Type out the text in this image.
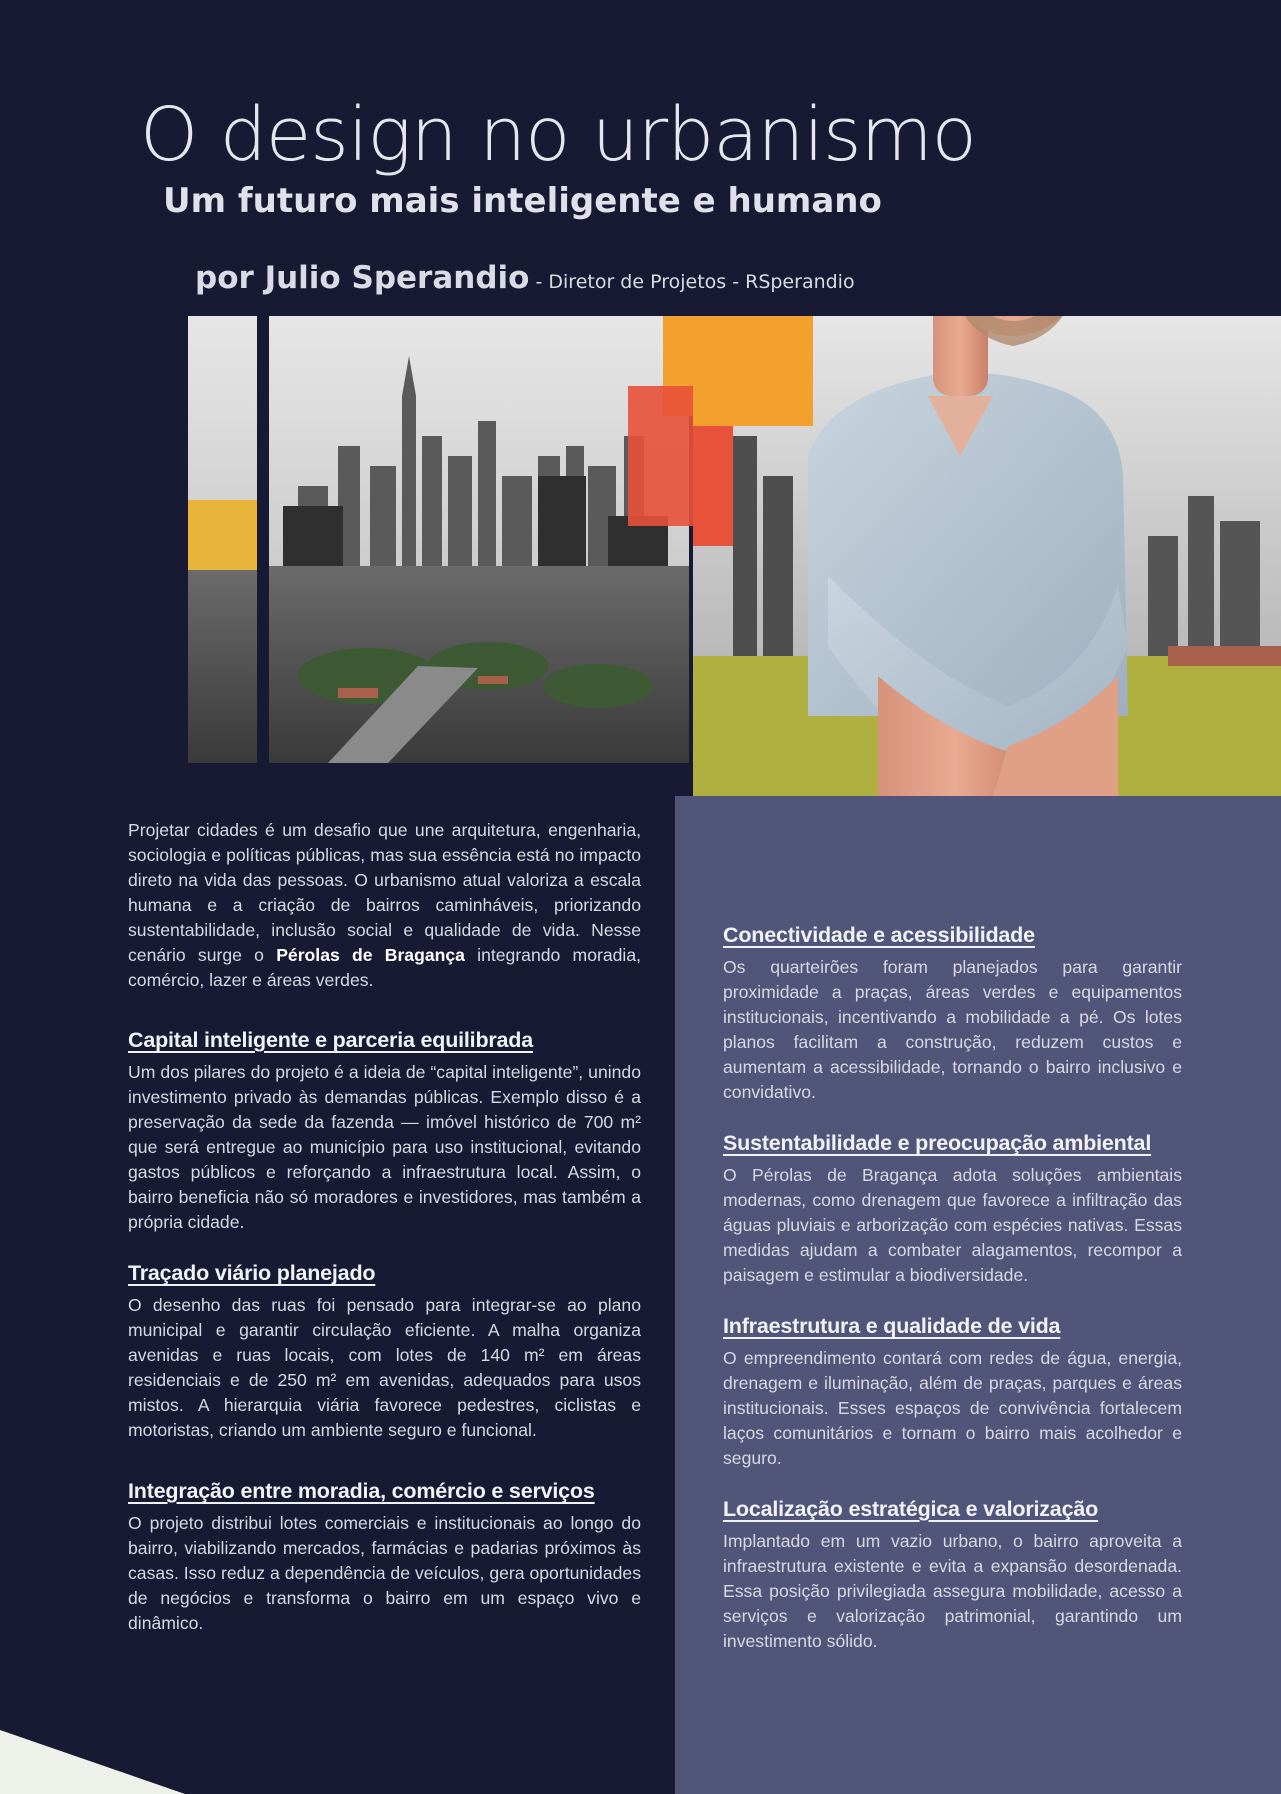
O design no urbanismo
Um futuro mais inteligente e humano
por Julio Sperandio - Diretor de Projetos - RSperandio

Projetar cidades é um desafio que une arquitetura, engenharia, sociologia e políticas públicas, mas sua essência está no impacto direto na vida das pessoas. O urbanismo atual valoriza a escala humana e a criação de bairros caminháveis, priorizando sustentabilidade, inclusão social e qualidade de vida. Nesse cenário surge o Pérolas de Bragança integrando moradia, comércio, lazer e áreas verdes.

Capital inteligente e parceria equilibrada

Um dos pilares do projeto é a ideia de “capital inteligente”, unindo investimento privado às demandas públicas. Exemplo disso é a preservação da sede da fazenda — imóvel histórico de 700 m² que será entregue ao município para uso institucional, evitando gastos públicos e reforçando a infraestrutura local. Assim, o bairro beneficia não só moradores e investidores, mas também a própria cidade.

Traçado viário planejado

O desenho das ruas foi pensado para integrar-se ao plano municipal e garantir circulação eficiente. A malha organiza avenidas e ruas locais, com lotes de 140 m² em áreas residenciais e de 250 m² em avenidas, adequados para usos mistos. A hierarquia viária favorece pedestres, ciclistas e motoristas, criando um ambiente seguro e funcional.

Integração entre moradia, comércio e serviços

O projeto distribui lotes comerciais e institucionais ao longo do bairro, viabilizando mercados, farmácias e padarias próximos às casas. Isso reduz a dependência de veículos, gera oportunidades de negócios e transforma o bairro em um espaço vivo e dinâmico.

Conectividade e acessibilidade

Os quarteirões foram planejados para garantir proximidade a praças, áreas verdes e equipamentos institucionais, incentivando a mobilidade a pé. Os lotes planos facilitam a construção, reduzem custos e aumentam a acessibilidade, tornando o bairro inclusivo e convidativo.

Sustentabilidade e preocupação ambiental

O Pérolas de Bragança adota soluções ambientais modernas, como drenagem que favorece a infiltração das águas pluviais e arborização com espécies nativas. Essas medidas ajudam a combater alagamentos, recompor a paisagem e estimular a biodiversidade.

Infraestrutura e qualidade de vida

O empreendimento contará com redes de água, energia, drenagem e iluminação, além de praças, parques e áreas institucionais. Esses espaços de convivência fortalecem laços comunitários e tornam o bairro mais acolhedor e seguro.

Localização estratégica e valorização

Implantado em um vazio urbano, o bairro aproveita a infraestrutura existente e evita a expansão desordenada. Essa posição privilegiada assegura mobilidade, acesso a serviços e valorização patrimonial, garantindo um investimento sólido.
